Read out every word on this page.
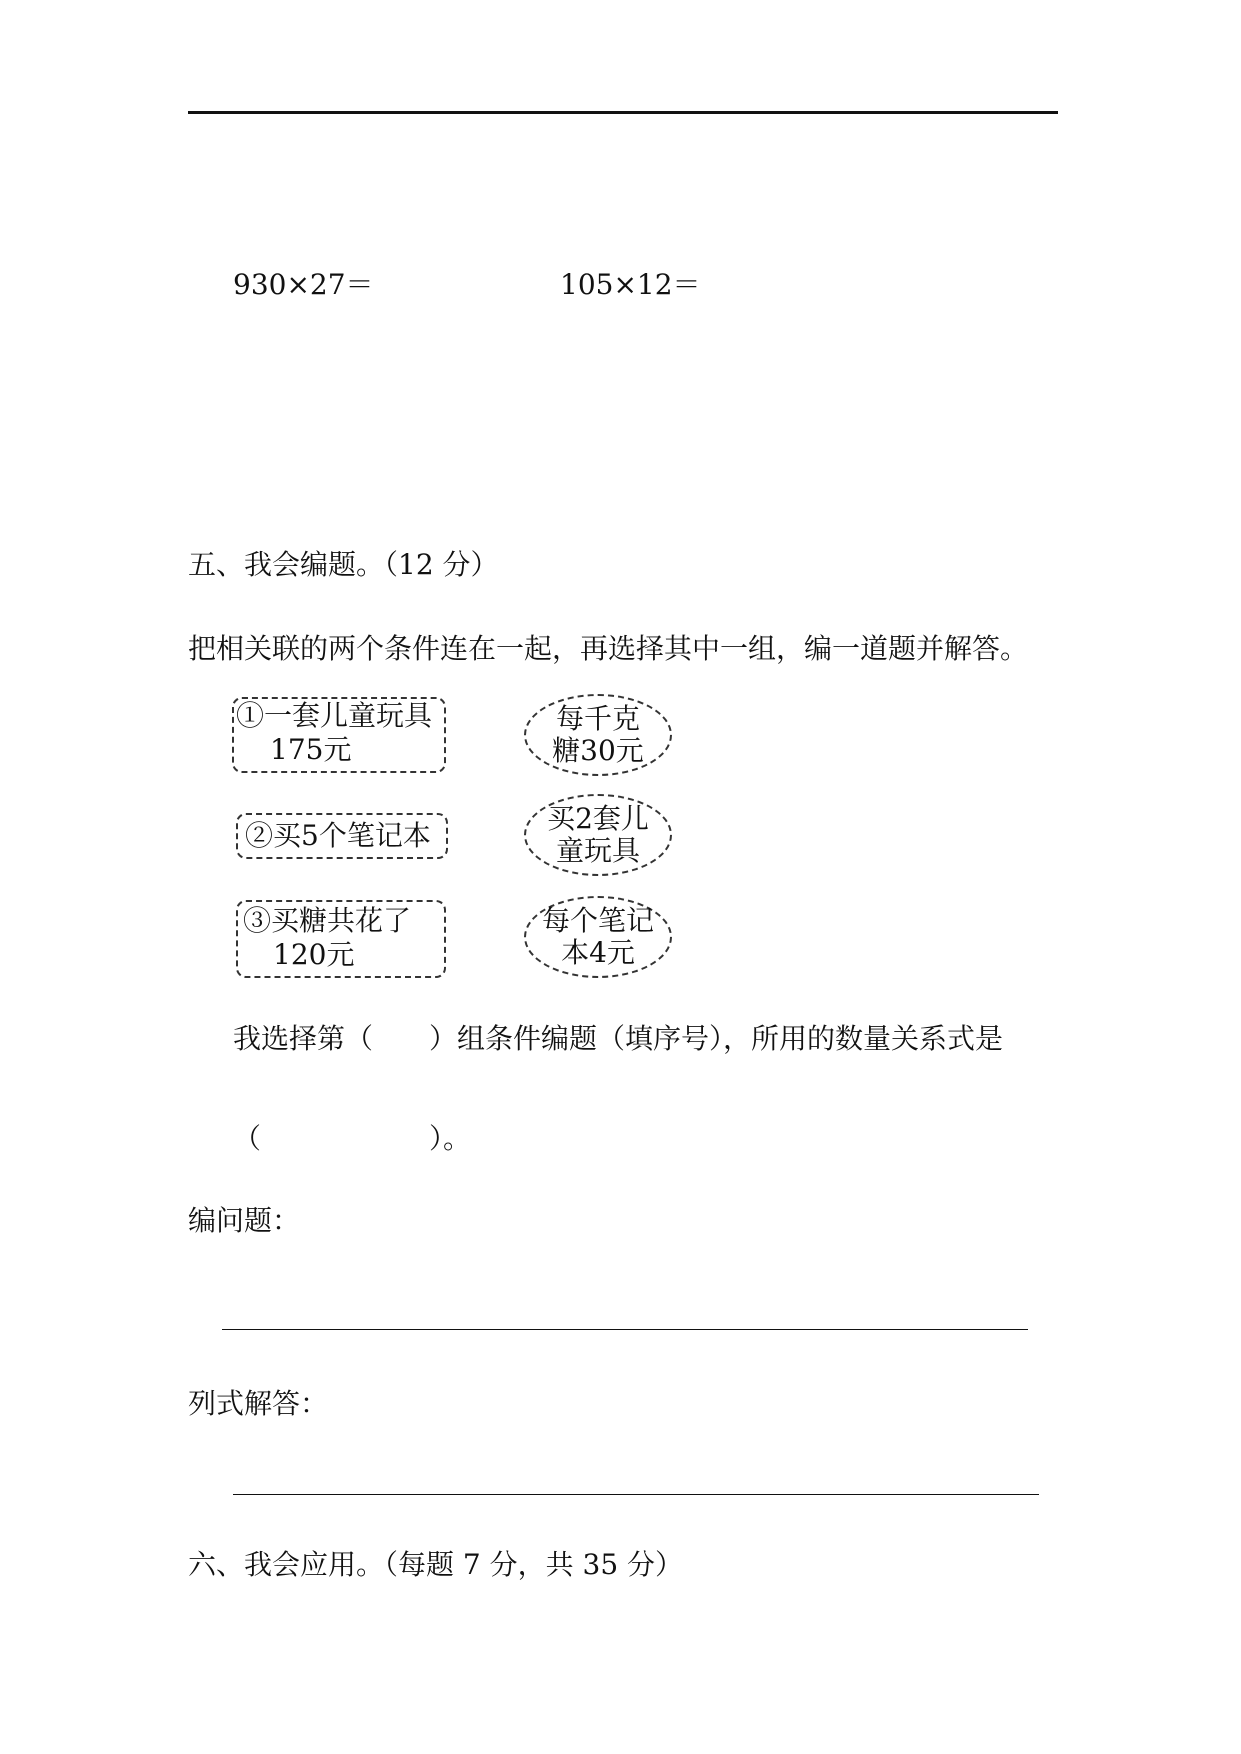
930×27＝	105×12＝
五、我会编题。（12 分）
把相关联的两个条件连在一起，再选择其中一组，编一道题并解答。
①一套儿童玩具
175元
②买5个笔记本
③买糖共花了
120元
每千克
糖30元
买2套儿
童玩具
每个笔记
本4元
我选择第（　　）组条件编题（填序号），所用的数量关系式是
（　　　　　　）。
编问题：
列式解答：
六、我会应用。（每题 7 分，共 35 分）
